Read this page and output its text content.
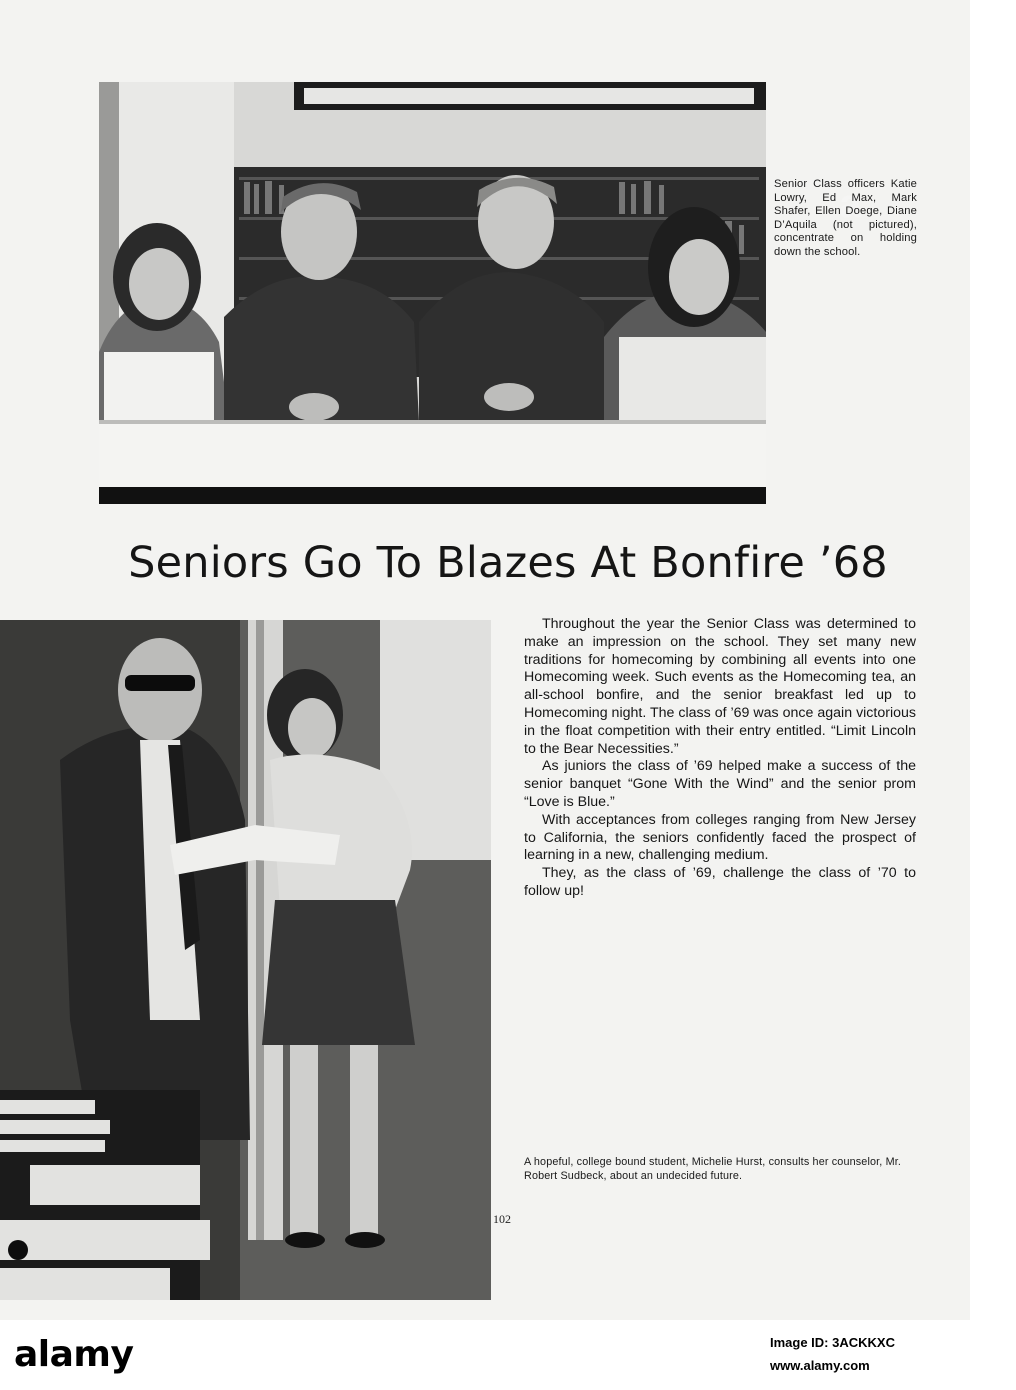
a
Senior Class officers Katie Lowry, Ed Max, Mark Shafer, Ellen Doege, Diane D’Aquila (not pictured), concentrate on holding down the school.
Seniors Go To Blazes At Bonfire ’68

Throughout the year the Senior Class was determined to make an impression on the school. They set many new traditions for homecoming by combining all events into one Homecoming week. Such events as the Homecoming tea, an all-school bonfire, and the senior breakfast led up to Homecoming night. The class of ’69 was once again victorious in the float competition with their entry entitled. “Limit Lincoln to the Bear Necessities.”

As juniors the class of ’69 helped make a success of the senior banquet “Gone With the Wind” and the senior prom “Love is Blue.”

With acceptances from colleges ranging from New Jersey to California, the seniors confidently faced the prospect of learning in a new, challenging medium.

They, as the class of ’69, challenge the class of ’70 to follow up!

A hopeful, college bound student, Michelie Hurst, consults her counselor, Mr. Robert Sudbeck, about an undecided future.
102
alamy	Image ID: 3ACKKXC
www.alamy.com
